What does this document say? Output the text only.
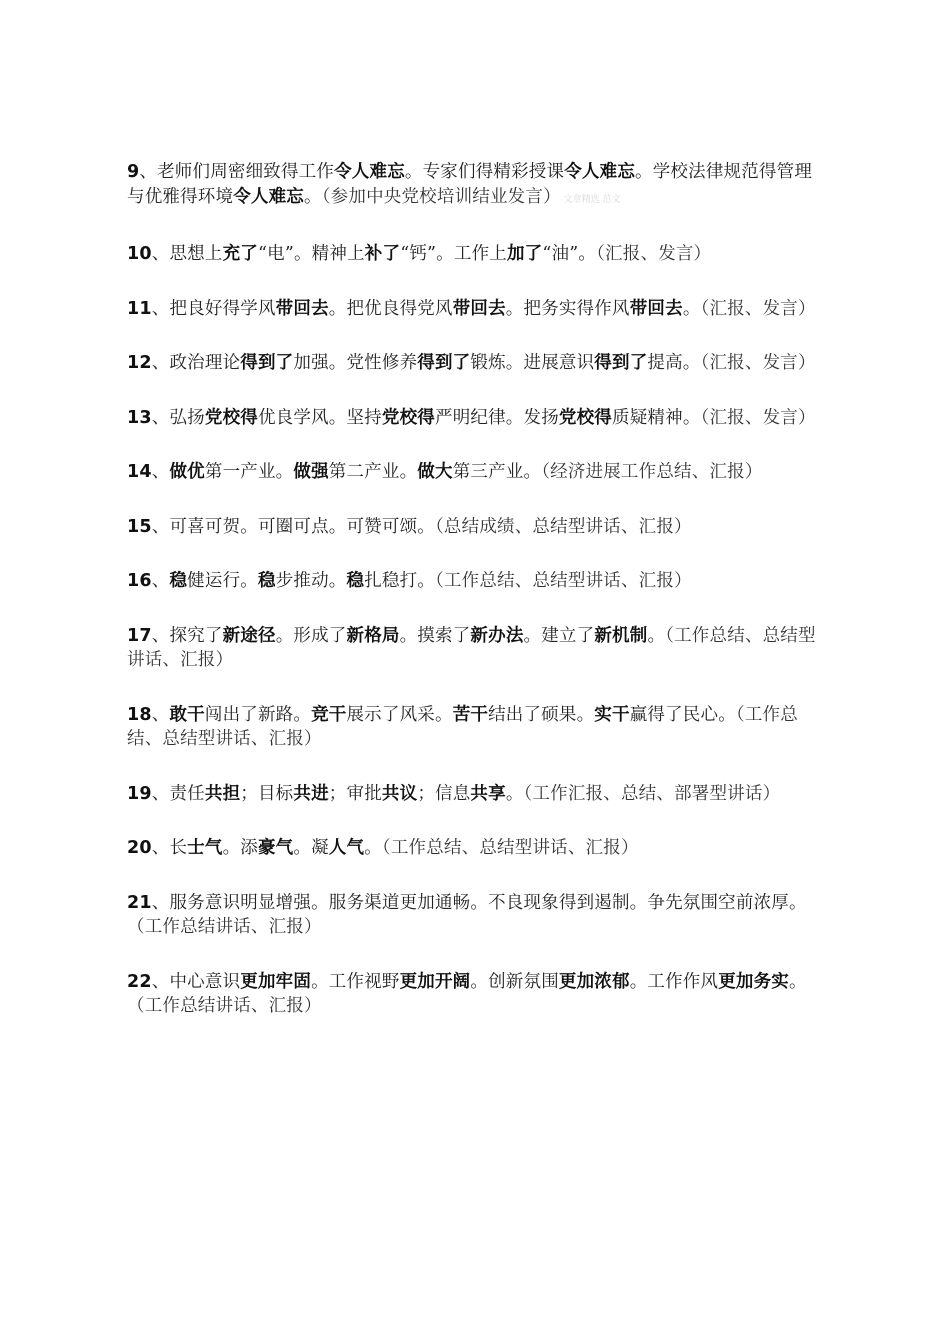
9、老师们周密细致得工作令人难忘。专家们得精彩授课令人难忘。学校法律规范得管理与优雅得环境令人难忘。（参加中央党校培训结业发言） 文章精选 范文

10、思想上充了“电”。精神上补了“钙”。工作上加了“油”。（汇报、发言）

11、把良好得学风带回去。把优良得党风带回去。把务实得作风带回去。（汇报、发言）

12、政治理论得到了加强。党性修养得到了锻炼。进展意识得到了提高。（汇报、发言）

13、弘扬党校得优良学风。坚持党校得严明纪律。发扬党校得质疑精神。（汇报、发言）

14、做优第一产业。做强第二产业。做大第三产业。（经济进展工作总结、汇报）

15、可喜可贺。可圈可点。可赞可颂。（总结成绩、总结型讲话、汇报）

16、稳健运行。稳步推动。稳扎稳打。（工作总结、总结型讲话、汇报）

17、探究了新途径。形成了新格局。摸索了新办法。建立了新机制。（工作总结、总结型讲话、汇报）

18、敢干闯出了新路。竞干展示了风采。苦干结出了硕果。实干赢得了民心。（工作总结、总结型讲话、汇报）

19、责任共担；目标共进；审批共议；信息共享。（工作汇报、总结、部署型讲话）

20、长士气。添豪气。凝人气。（工作总结、总结型讲话、汇报）

21、服务意识明显增强。服务渠道更加通畅。不良现象得到遏制。争先氛围空前浓厚。（工作总结讲话、汇报）

22、中心意识更加牢固。工作视野更加开阔。创新氛围更加浓郁。工作作风更加务实。（工作总结讲话、汇报）
